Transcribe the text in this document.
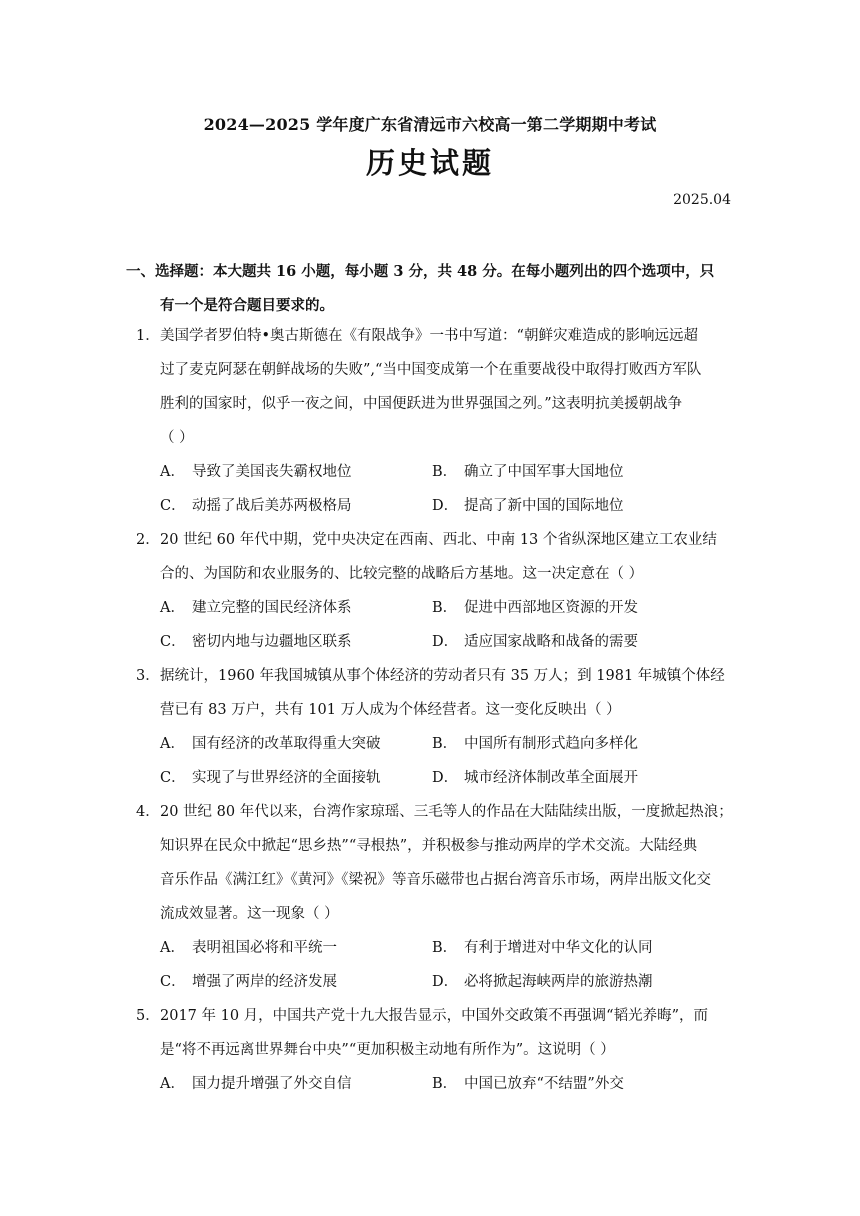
2024—2025 学年度广东省清远市六校高一第二学期期中考试
历史试题
2025.04
一、选择题：本大题共 16 小题，每小题 3 分，共 48 分。在每小题列出的四个选项中，只
有一个是符合题目要求的。
1．美国学者罗伯特•奥古斯德在《有限战争》一书中写道：“朝鲜灾难造成的影响远远超
过了麦克阿瑟在朝鲜战场的失败”,“当中国变成第一个在重要战役中取得打败西方军队
胜利的国家时，似乎一夜之间，中国便跃进为世界强国之列。”这表明抗美援朝战争
（ ）
A． 导致了美国丧失霸权地位	B． 确立了中国军事大国地位
C． 动摇了战后美苏两极格局	D． 提高了新中国的国际地位
2．20 世纪 60 年代中期，党中央决定在西南、西北、中南 13 个省纵深地区建立工农业结
合的、为国防和农业服务的、比较完整的战略后方基地。这一决定意在（ ）
A． 建立完整的国民经济体系	B． 促进中西部地区资源的开发
C． 密切内地与边疆地区联系	D． 适应国家战略和战备的需要
3．据统计，1960 年我国城镇从事个体经济的劳动者只有 35 万人；到 1981 年城镇个体经
营已有 83 万户，共有 101 万人成为个体经营者。这一变化反映出（ ）
A． 国有经济的改革取得重大突破	B． 中国所有制形式趋向多样化
C． 实现了与世界经济的全面接轨	D． 城市经济体制改革全面展开
4．20 世纪 80 年代以来，台湾作家琼瑶、三毛等人的作品在大陆陆续出版，一度掀起热浪；
知识界在民众中掀起“思乡热”“寻根热”，并积极参与推动两岸的学术交流。大陆经典
音乐作品《满江红》《黄河》《梁祝》等音乐磁带也占据台湾音乐市场，两岸出版文化交
流成效显著。这一现象（ ）
A． 表明祖国必将和平统一	B． 有利于增进对中华文化的认同
C． 增强了两岸的经济发展	D． 必将掀起海峡两岸的旅游热潮
5．2017 年 10 月，中国共产党十九大报告显示，中国外交政策不再强调“韬光养晦”，而
是“将不再远离世界舞台中央”“更加积极主动地有所作为”。这说明（ ）
A． 国力提升增强了外交自信	B． 中国已放弃“不结盟”外交
